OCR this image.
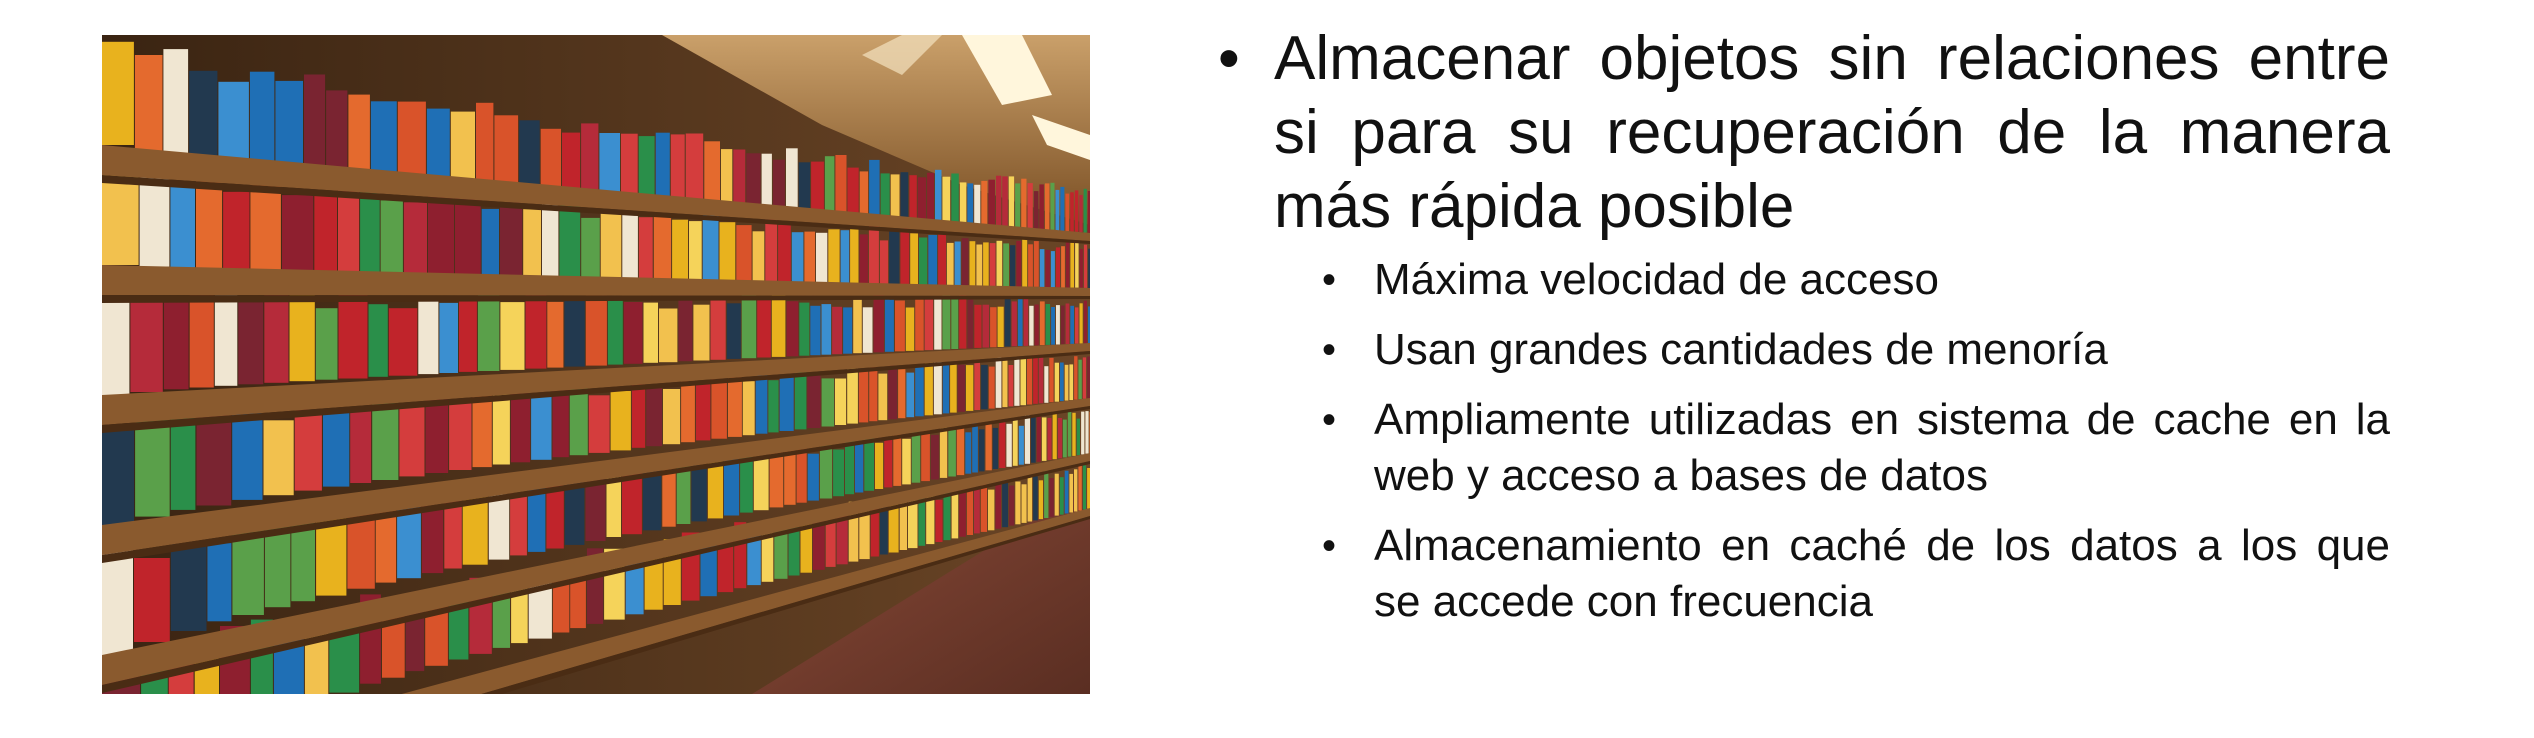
• Almacenar objetos sin relaciones entre si para su recuperación de la manera más rápida posible
• Máxima velocidad de acceso
• Usan grandes cantidades de menoría
• Ampliamente utilizadas en sistema de cache en la web y acceso a bases de datos
• Almacenamiento en caché de los datos a los que se accede con frecuencia
